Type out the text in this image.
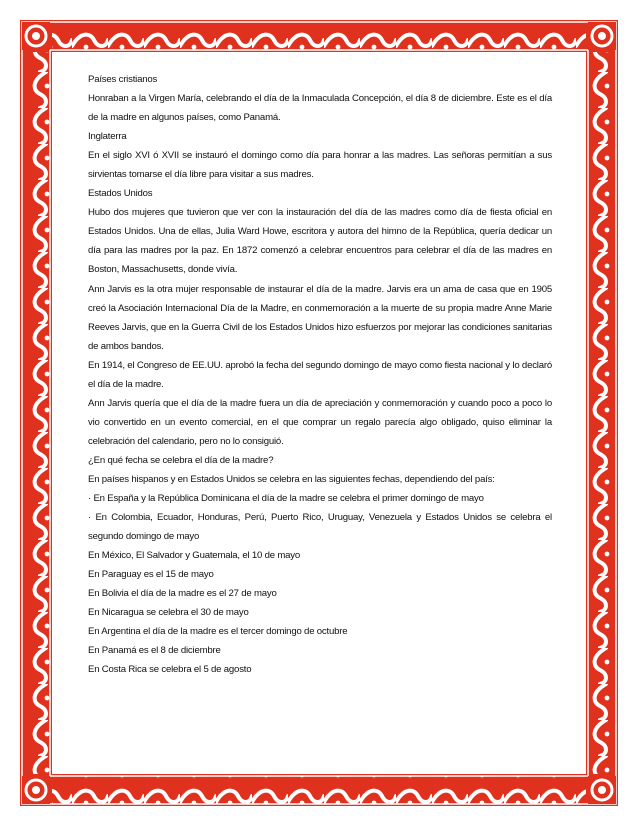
Países cristianos

Honraban a la Virgen María, celebrando el día de la Inmaculada Concepción, el día 8 de diciembre. Este es el día de la madre en algunos países, como Panamá.

Inglaterra

En el siglo XVI ó XVII se instauró el domingo como día para honrar a las madres. Las señoras permitían a sus sirvientas tomarse el día libre para visitar a sus madres.

Estados Unidos

Hubo dos mujeres que tuvieron que ver con la instauración del día de las madres como día de fiesta oficial en Estados Unidos. Una de ellas, Julia Ward Howe, escritora y autora del himno de la República, quería dedicar un día para las madres por la paz. En 1872 comenzó a celebrar encuentros para celebrar el día de las madres en Boston, Massachusetts, donde vivía.

Ann Jarvis es la otra mujer responsable de instaurar el día de la madre. Jarvis era un ama de casa que en 1905 creó la Asociación Internacional Día de la Madre, en conmemoración a la muerte de su propia madre Anne Marie Reeves Jarvis, que en la Guerra Civil de los Estados Unidos hizo esfuerzos por mejorar las condiciones sanitarias de ambos bandos.

En 1914, el Congreso de EE.UU. aprobó la fecha del segundo domingo de mayo como fiesta nacional y lo declaró el día de la madre.

Ann Jarvis quería que el día de la madre fuera un día de apreciación y conmemoración y cuando poco a poco lo vio convertido en un evento comercial, en el que comprar un regalo parecía algo obligado, quiso eliminar la celebración del calendario, pero no lo consiguió.

¿En qué fecha se celebra el día de la madre?

En países hispanos y en Estados Unidos se celebra en las siguientes fechas, dependiendo del país:

· En España y la República Dominicana el día de la madre se celebra el primer domingo de mayo

· En Colombia, Ecuador, Honduras, Perú, Puerto Rico, Uruguay, Venezuela y Estados Unidos se celebra el segundo domingo de mayo

En México, El Salvador y Guatemala, el 10 de mayo

En Paraguay es el 15 de mayo

En Bolivia el día de la madre es el 27 de mayo

En Nicaragua se celebra el 30 de mayo

En Argentina el día de la madre es el tercer domingo de octubre

En Panamá es el 8 de diciembre

En Costa Rica se celebra el 5 de agosto
